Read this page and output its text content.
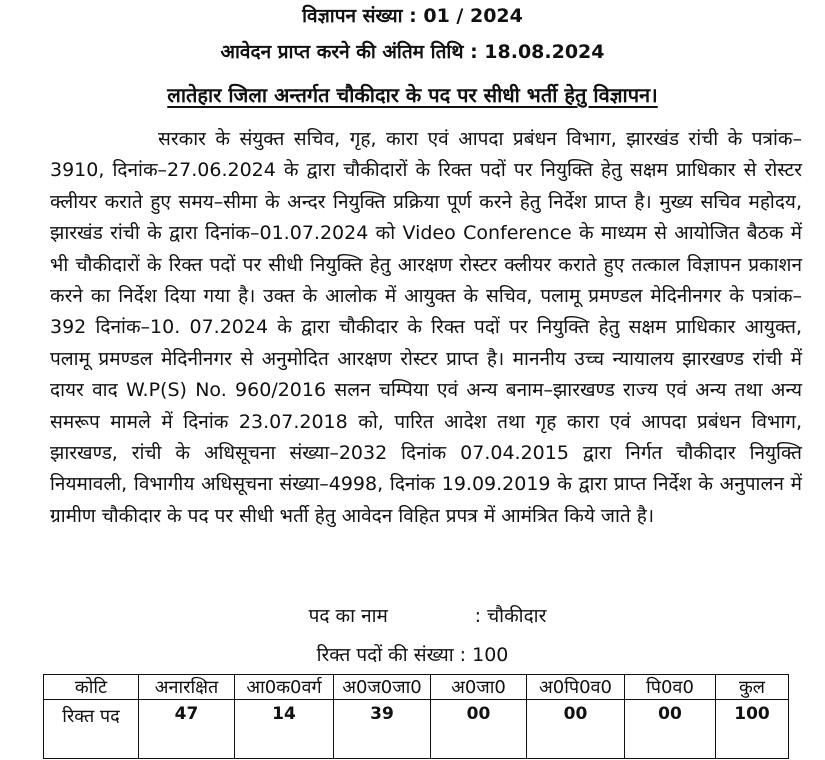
विज्ञापन संख्या : 01 / 2024
आवेदन प्राप्त करने की अंतिम तिथि : 18.08.2024
लातेहार जिला अन्तर्गत चौकीदार के पद पर सीधी भर्ती हेतु विज्ञापन।

सरकार के संयुक्त सचिव, गृह, कारा एवं आपदा प्रबंधन विभाग, झारखंड रांची के पत्रांक–3910, दिनांक–27.06.2024 के द्वारा चौकीदारों के रिक्त पदों पर नियुक्ति हेतु सक्षम प्राधिकार से रोस्टर क्लीयर कराते हुए समय–सीमा के अन्दर नियुक्ति प्रक्रिया पूर्ण करने हेतु निर्देश प्राप्त है। मुख्य सचिव महोदय, झारखंड रांची के द्वारा दिनांक–01.07.2024 को Video Conference के माध्यम से आयोजित बैठक में भी चौकीदारों के रिक्त पदों पर सीधी नियुक्ति हेतु आरक्षण रोस्टर क्लीयर कराते हुए तत्काल विज्ञापन प्रकाशन करने का निर्देश दिया गया है। उक्त के आलोक में आयुक्त के सचिव, पलामू प्रमण्डल मेदिनीनगर के पत्रांक–392 दिनांक–10. 07.2024 के द्वारा चौकीदार के रिक्त पदों पर नियुक्ति हेतु सक्षम प्राधिकार आयुक्त, पलामू प्रमण्डल मेदिनीनगर से अनुमोदित आरक्षण रोस्टर प्राप्त है। माननीय उच्च न्यायालय झारखण्ड रांची में दायर वाद W.P(S) No. 960/2016 सलन चम्पिया एवं अन्य बनाम–झारखण्ड राज्य एवं अन्य तथा अन्य समरूप मामले में दिनांक 23.07.2018 को, पारित आदेश तथा गृह कारा एवं आपदा प्रबंधन विभाग, झारखण्ड, रांची के अधिसूचना संख्या–2032 दिनांक 07.04.2015 द्वारा निर्गत चौकीदार नियुक्ति नियमावली, विभागीय अधिसूचना संख्या–4998, दिनांक 19.09.2019 के द्वारा प्राप्त निर्देश के अनुपालन में ग्रामीण चौकीदार के पद पर सीधी भर्ती हेतु आवेदन विहित प्रपत्र में आमंत्रित किये जाते है।

पद का नाम	: चौकीदार
रिक्त पदों की संख्या : 100
कोटि	अनारक्षित	आ0क0वर्ग	अ0ज0जा0	अ0जा0	अ0पि0व0	पि0व0	कुल
रिक्त पद	47	14	39	00	00	00	100
